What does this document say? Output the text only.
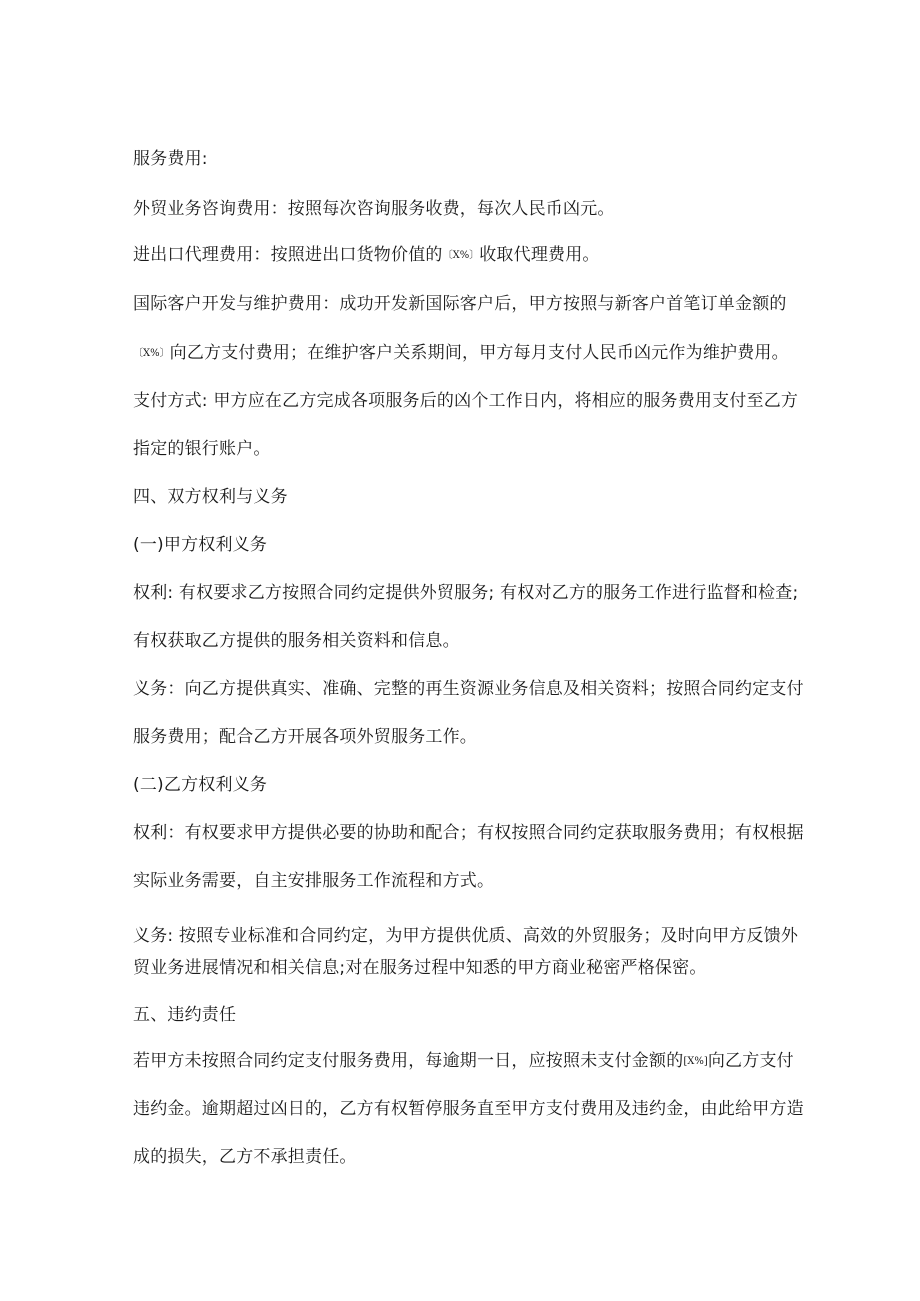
服务费用:
外贸业务咨询费用：按照每次咨询服务收费，每次人民币凶元。
进出口代理费用：按照进出口货物价值的〔X%〕收取代理费用。
国际客户开发与维护费用：成功开发新国际客户后，甲方按照与新客户首笔订单金额的
〔X%〕向乙方支付费用；在维护客户关系期间，甲方每月支付人民币凶元作为维护费用。
支付方式: 甲方应在乙方完成各项服务后的凶个工作日内，将相应的服务费用支付至乙方
指定的银行账户。
四、双方权利与义务
(一)甲方权利义务
权利: 有权要求乙方按照合同约定提供外贸服务; 有权对乙方的服务工作进行监督和检查;
有权获取乙方提供的服务相关资料和信息。
义务：向乙方提供真实、准确、完整的再生资源业务信息及相关资料；按照合同约定支付
服务费用；配合乙方开展各项外贸服务工作。
(二)乙方权利义务
权利：有权要求甲方提供必要的协助和配合；有权按照合同约定获取服务费用；有权根据
实际业务需要，自主安排服务工作流程和方式。
义务: 按照专业标准和合同约定，为甲方提供优质、高效的外贸服务；及时向甲方反馈外
贸业务进展情况和相关信息;对在服务过程中知悉的甲方商业秘密严格保密。
五、违约责任
若甲方未按照合同约定支付服务费用，每逾期一日，应按照未支付金额的[X%]向乙方支付
违约金。逾期超过凶日的，乙方有权暂停服务直至甲方支付费用及违约金，由此给甲方造
成的损失，乙方不承担责任。
